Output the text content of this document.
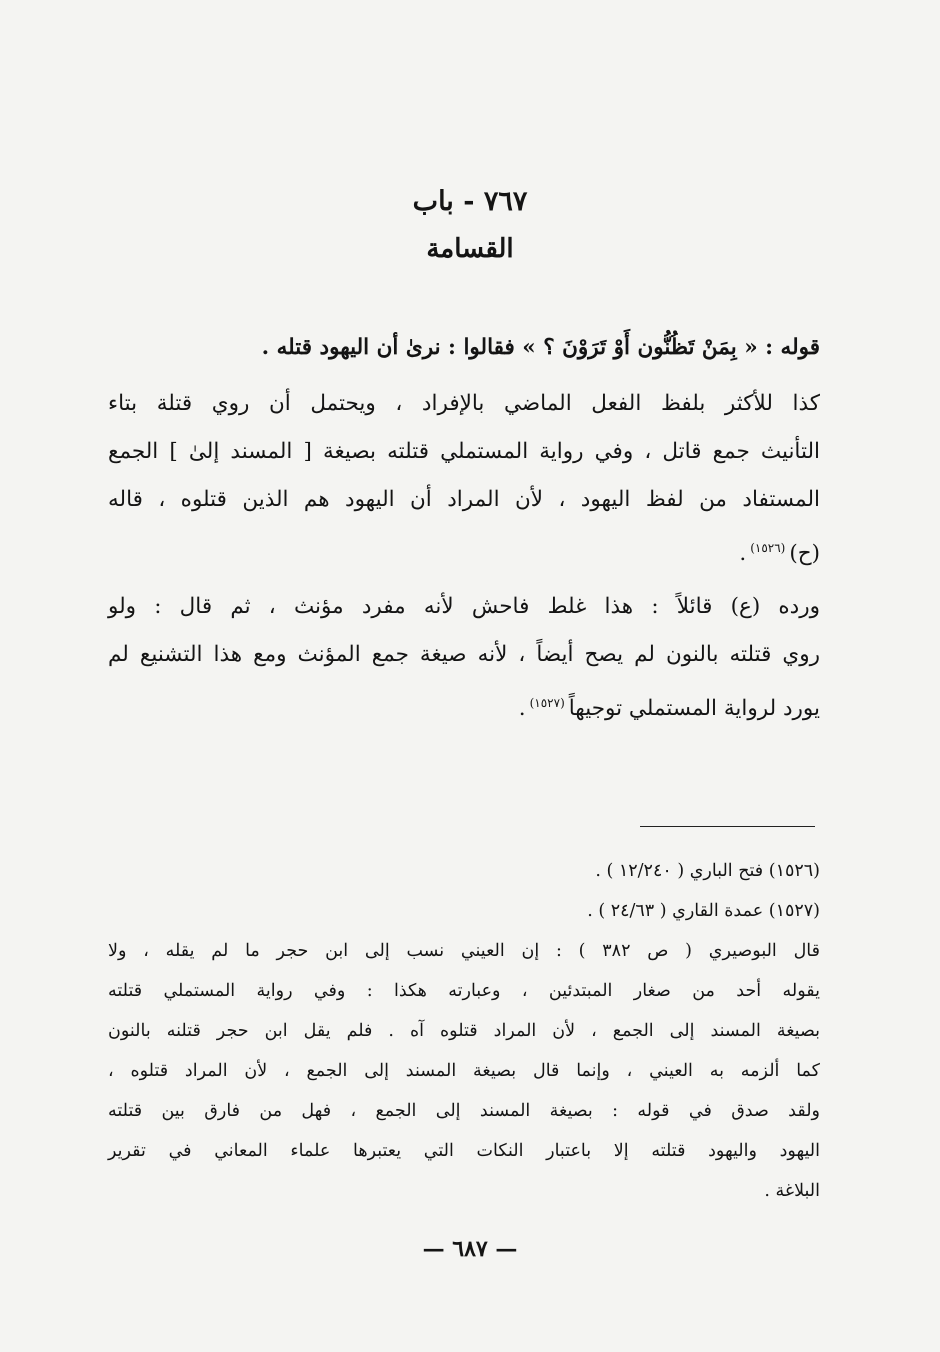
٧٦٧ - باب
القسامة
قوله : « بِمَنْ تَظُنُّون أَوْ تَرَوْنَ ؟ » فقالوا : نرىٰ أن اليهود قتله .
كذا للأكثر بلفظ الفعل الماضي بالإفراد ، ويحتمل أن روي قتلة بتاء
التأنيث جمع قاتل ، وفي رواية المستملي قتلته بصيغة [ المسند إلىٰ ] الجمع
المستفاد من لفظ اليهود ، لأن المراد أن اليهود هم الذين قتلوه ، قاله
(ح)$^{(١٥٢٦)}$.
ورده (ع) قائلاً : هذا غلط فاحش لأنه مفرد مؤنث ، ثم قال : ولو
روي قتلته بالنون لم يصح أيضاً ، لأنه صيغة جمع المؤنث ومع هذا التشنيع لم
يورد لرواية المستملي توجيهاً$^{(١٥٢٧)}$.
(١٥٢٦) فتح الباري ( ١٢/٢٤٠ ) .
(١٥٢٧) عمدة القاري ( ٢٤/٦٣ ) .
قال البوصيري ( ص ٣٨٢ ) : إن العيني نسب إلى ابن حجر ما لم يقله ، ولا
يقوله أحد من صغار المبتدئين ، وعبارته هكذا : وفي رواية المستملي قتلته
بصيغة المسند إلى الجمع ، لأن المراد قتلوه آه . فلم يقل ابن حجر قتلنه بالنون
كما ألزمه به العيني ، وإنما قال بصيغة المسند إلى الجمع ، لأن المراد قتلوه ،
ولقد صدق في قوله : بصيغة المسند إلى الجمع ، فهل من فارق بين قتلته
اليهود واليهود قتلته إلا باعتبار النكات التي يعتبرها علماء المعاني في تقرير
البلاغة .
— ٦٨٧ —
